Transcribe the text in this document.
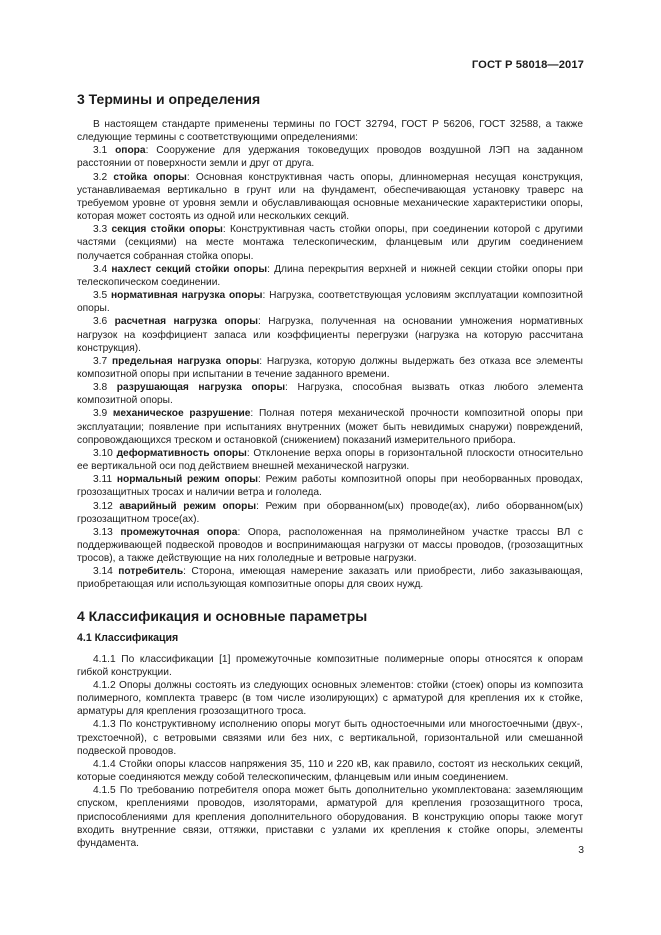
ГОСТ Р 58018—2017
3 Термины и определения

В настоящем стандарте применены термины по ГОСТ 32794, ГОСТ Р 56206, ГОСТ 32588, а также следующие термины с соответствующими определениями:

3.1 опора: Сооружение для удержания токоведущих проводов воздушной ЛЭП на заданном расстоянии от поверхности земли и друг от друга.

3.2 стойка опоры: Основная конструктивная часть опоры, длинномерная несущая конструкция, устанавливаемая вертикально в грунт или на фундамент, обеспечивающая установку траверс на требуемом уровне от уровня земли и обуславливающая основные механические характеристики опоры, которая может состоять из одной или нескольких секций.

3.3 секция стойки опоры: Конструктивная часть стойки опоры, при соединении которой с другими частями (секциями) на месте монтажа телескопическим, фланцевым или другим соединением получается собранная стойка опоры.

3.4 нахлест секций стойки опоры: Длина перекрытия верхней и нижней секции стойки опоры при телескопическом соединении.

3.5 нормативная нагрузка опоры: Нагрузка, соответствующая условиям эксплуатации композитной опоры.

3.6 расчетная нагрузка опоры: Нагрузка, полученная на основании умножения нормативных нагрузок на коэффициент запаса или коэффициенты перегрузки (нагрузка на которую рассчитана конструкция).

3.7 предельная нагрузка опоры: Нагрузка, которую должны выдержать без отказа все элементы композитной опоры при испытании в течение заданного времени.

3.8 разрушающая нагрузка опоры: Нагрузка, способная вызвать отказ любого элемента композитной опоры.

3.9 механическое разрушение: Полная потеря механической прочности композитной опоры при эксплуатации; появление при испытаниях внутренних (может быть невидимых снаружи) повреждений, сопровождающихся треском и остановкой (снижением) показаний измерительного прибора.

3.10 деформативность опоры: Отклонение верха опоры в горизонтальной плоскости относительно ее вертикальной оси под действием внешней механической нагрузки.

3.11 нормальный режим опоры: Режим работы композитной опоры при необорванных проводах, грозозащитных тросах и наличии ветра и гололеда.

3.12 аварийный режим опоры: Режим при оборванном(ых) проводе(ах), либо оборванном(ых) грозозащитном тросе(ах).

3.13 промежуточная опора: Опора, расположенная на прямолинейном участке трассы ВЛ с поддерживающей подвеской проводов и воспринимающая нагрузки от массы проводов, (грозозащитных тросов), а также действующие на них гололедные и ветровые нагрузки.

3.14 потребитель: Сторона, имеющая намерение заказать или приобрести, либо заказывающая, приобретающая или использующая композитные опоры для своих нужд.

4 Классификация и основные параметры
4.1 Классификация

4.1.1 По классификации [1] промежуточные композитные полимерные опоры относятся к опорам гибкой конструкции.

4.1.2 Опоры должны состоять из следующих основных элементов: стойки (стоек) опоры из композита полимерного, комплекта траверс (в том числе изолирующих) с арматурой для крепления их к стойке, арматуры для крепления грозозащитного троса.

4.1.3 По конструктивному исполнению опоры могут быть одностоечными или многостоечными (двух-, трехстоечной), с ветровыми связями или без них, с вертикальной, горизонтальной или смешанной подвеской проводов.

4.1.4 Стойки опоры классов напряжения 35, 110 и 220 кВ, как правило, состоят из нескольких секций, которые соединяются между собой телескопическим, фланцевым или иным соединением.

4.1.5 По требованию потребителя опора может быть дополнительно укомплектована: заземляющим спуском, креплениями проводов, изоляторами, арматурой для крепления грозозащитного троса, приспособлениями для крепления дополнительного оборудования. В конструкцию опоры также могут входить внутренние связи, оттяжки, приставки с узлами их крепления к стойке опоры, элементы фундамента.

3
